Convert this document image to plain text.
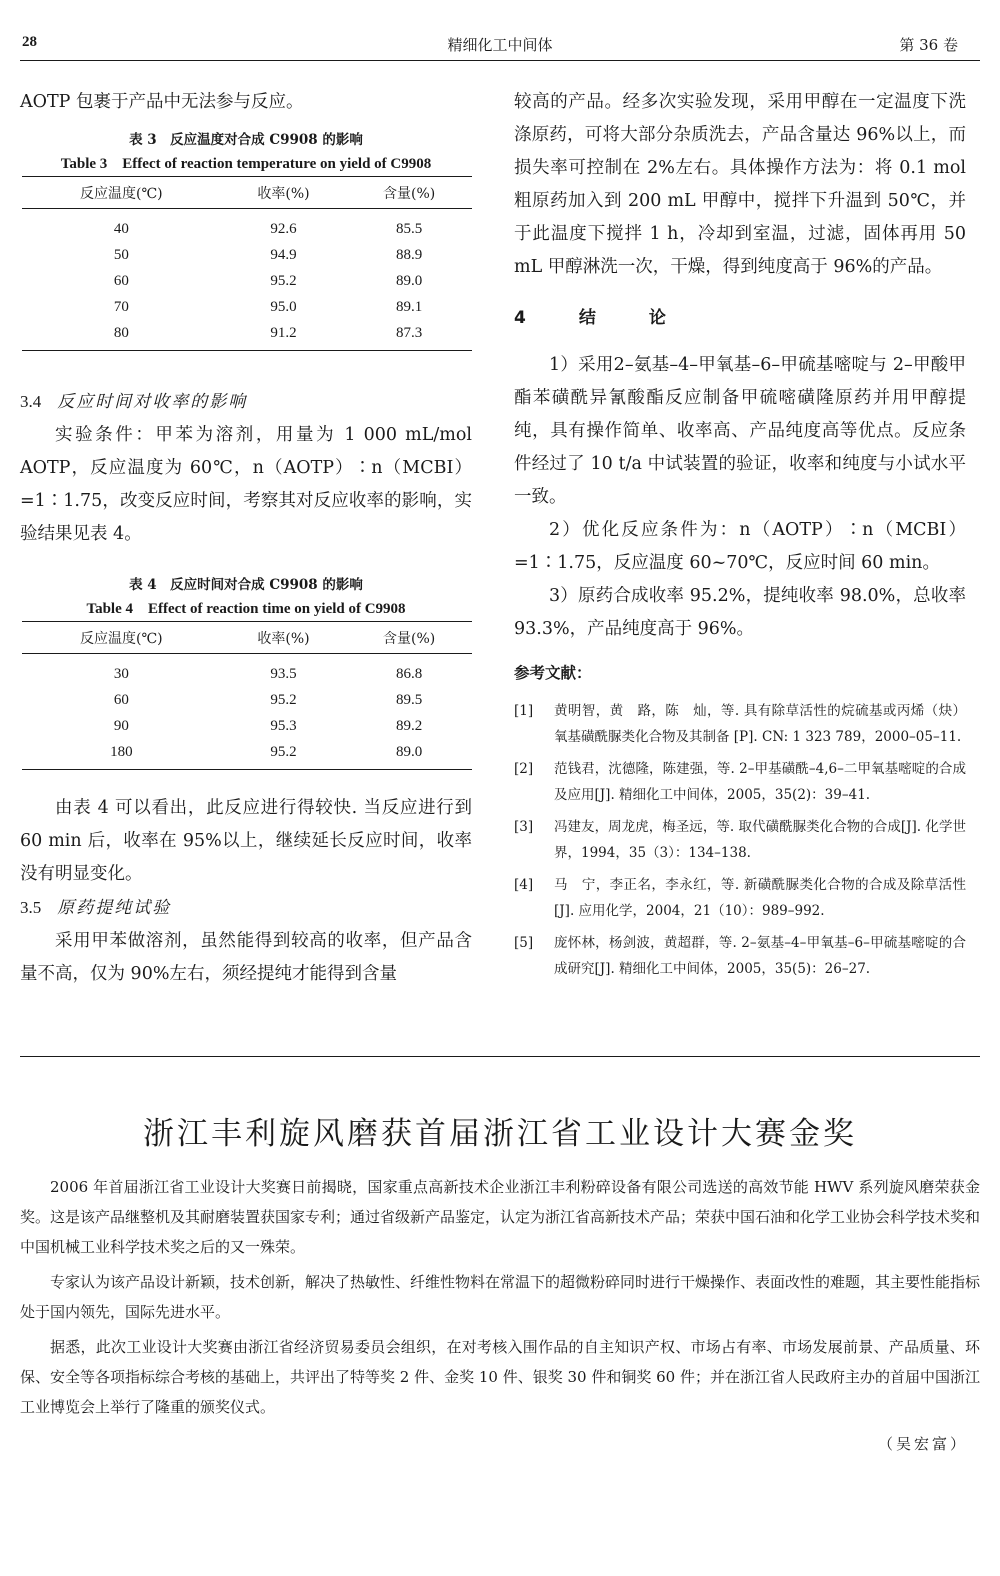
28	精细化工中间体	第 36 卷
AOTP 包裹于产品中无法参与反应。
表 3　反应温度对合成 C9908 的影响
Table 3　Effect of reaction temperature on yield of C9908
反应温度(℃)	收率(%)	含量(%)
40	92.6	85.5
50	94.9	88.9
60	95.2	89.0
70	95.0	89.1
80	91.2	87.3
3.4 反应时间对收率的影响
实验条件：甲苯为溶剂，用量为 1 000 mL/mol AOTP，反应温度为 60℃，n（AOTP）∶n（MCBI）=1∶1.75，改变反应时间，考察其对反应收率的影响，实验结果见表 4。
表 4　反应时间对合成 C9908 的影响
Table 4　Effect of reaction time on yield of C9908
反应温度(℃)	收率(%)	含量(%)
30	93.5	86.8
60	95.2	89.5
90	95.3	89.2
180	95.2	89.0
由表 4 可以看出，此反应进行得较快. 当反应进行到 60 min 后，收率在 95%以上，继续延长反应时间，收率没有明显变化。
3.5 原药提纯试验
采用甲苯做溶剂，虽然能得到较高的收率，但产品含量不高，仅为 90%左右，须经提纯才能得到含量
较高的产品。经多次实验发现，采用甲醇在一定温度下洗涤原药，可将大部分杂质洗去，产品含量达 96%以上，而损失率可控制在 2%左右。具体操作方法为：将 0.1 mol 粗原药加入到 200 mL 甲醇中，搅拌下升温到 50℃，并于此温度下搅拌 1 h，冷却到室温，过滤，固体再用 50 mL 甲醇淋洗一次，干燥，得到纯度高于 96%的产品。
4　结　论
1）采用2–氨基–4–甲氧基–6–甲硫基嘧啶与 2–甲酸甲酯苯磺酰异氰酸酯反应制备甲硫嘧磺隆原药并用甲醇提纯，具有操作简单、收率高、产品纯度高等优点。反应条件经过了 10 t/a 中试装置的验证，收率和纯度与小试水平一致。
2）优化反应条件为：n（AOTP）∶n（MCBI）=1∶1.75，反应温度 60~70℃，反应时间 60 min。
3）原药合成收率 95.2%，提纯收率 98.0%，总收率 93.3%，产品纯度高于 96%。
参考文献：
[1]	黄明智，黄　路，陈　灿，等. 具有除草活性的烷硫基或丙烯（炔）氧基磺酰脲类化合物及其制备 [P]. CN: 1 323 789，2000–05–11.
[2]	范钱君，沈德隆，陈建强，等. 2–甲基磺酰–4,6–二甲氧基嘧啶的合成及应用[J]. 精细化工中间体，2005，35(2)：39–41.
[3]	冯建友，周龙虎，梅圣远，等. 取代磺酰脲类化合物的合成[J]. 化学世界，1994，35（3）：134–138.
[4]	马　宁，李正名，李永红，等. 新磺酰脲类化合物的合成及除草活性[J]. 应用化学，2004，21（10）：989–992.
[5]	庞怀林，杨剑波，黄超群，等. 2–氨基–4–甲氧基–6–甲硫基嘧啶的合成研究[J]. 精细化工中间体，2005，35(5)：26–27.
浙江丰利旋风磨获首届浙江省工业设计大赛金奖
2006 年首届浙江省工业设计大奖赛日前揭晓，国家重点高新技术企业浙江丰利粉碎设备有限公司选送的高效节能 HWV 系列旋风磨荣获金奖。这是该产品继整机及其耐磨装置获国家专利；通过省级新产品鉴定，认定为浙江省高新技术产品；荣获中国石油和化学工业协会科学技术奖和中国机械工业科学技术奖之后的又一殊荣。
专家认为该产品设计新颖，技术创新，解决了热敏性、纤维性物料在常温下的超微粉碎同时进行干燥操作、表面改性的难题，其主要性能指标处于国内领先，国际先进水平。
据悉，此次工业设计大奖赛由浙江省经济贸易委员会组织，在对考核入围作品的自主知识产权、市场占有率、市场发展前景、产品质量、环保、安全等各项指标综合考核的基础上，共评出了特等奖 2 件、金奖 10 件、银奖 30 件和铜奖 60 件；并在浙江省人民政府主办的首届中国浙江工业博览会上举行了隆重的颁奖仪式。
（吴宏富）
